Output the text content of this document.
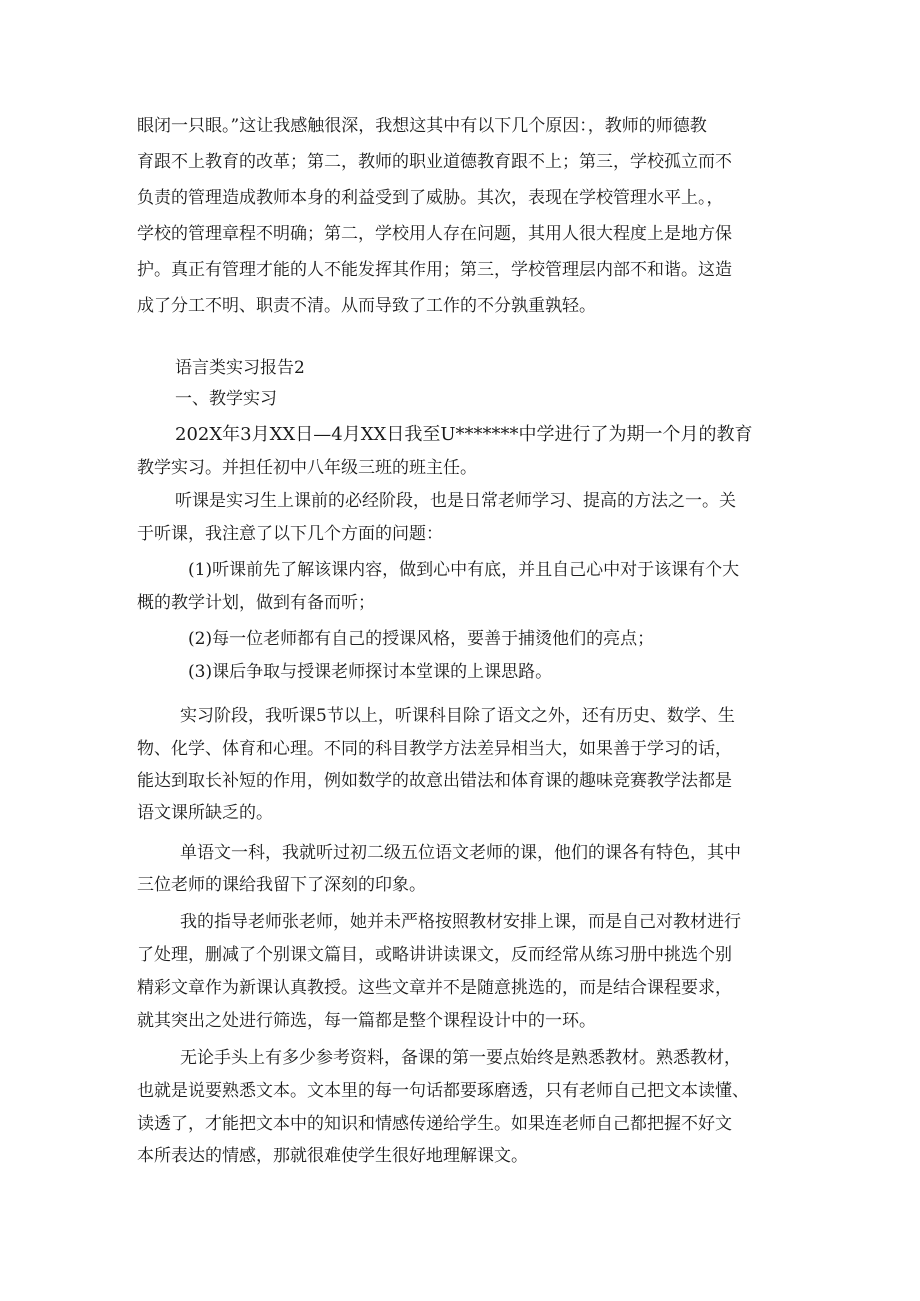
眼闭一只眼。”这让我感触很深，我想这其中有以下几个原因：，教师的师德教
育跟不上教育的改革；第二，教师的职业道德教育跟不上；第三，学校孤立而不
负责的管理造成教师本身的利益受到了威胁。其次，表现在学校管理水平上。，
学校的管理章程不明确；第二，学校用人存在问题，其用人很大程度上是地方保
护。真正有管理才能的人不能发挥其作用；第三，学校管理层内部不和谐。这造
成了分工不明、职责不清。从而导致了工作的不分孰重孰轻。
语言类实习报告2
一、教学实习
202X年3月XX日—4月XX日我至U*******中学进行了为期一个月的教育
教学实习。并担任初中八年级三班的班主任。
听课是实习生上课前的必经阶段，也是日常老师学习、提高的方法之一。关
于听课，我注意了以下几个方面的问题：
(1)听课前先了解该课内容，做到心中有底，并且自己心中对于该课有个大
概的教学计划，做到有备而听；
(2)每一位老师都有自己的授课风格，要善于捕烫他们的亮点；
(3)课后争取与授课老师探讨本堂课的上课思路。
实习阶段，我听课5节以上，听课科目除了语文之外，还有历史、数学、生
物、化学、体育和心理。不同的科目教学方法差异相当大，如果善于学习的话，
能达到取长补短的作用，例如数学的故意出错法和体育课的趣味竞赛教学法都是
语文课所缺乏的。
单语文一科，我就听过初二级五位语文老师的课，他们的课各有特色，其中
三位老师的课给我留下了深刻的印象。
我的指导老师张老师，她并未严格按照教材安排上课，而是自己对教材进行
了处理，删减了个别课文篇目，或略讲讲读课文，反而经常从练习册中挑选个别
精彩文章作为新课认真教授。这些文章并不是随意挑选的，而是结合课程要求，
就其突出之处进行筛选，每一篇都是整个课程设计中的一环。
无论手头上有多少参考资料，备课的第一要点始终是熟悉教材。熟悉教材，
也就是说要熟悉文本。文本里的每一句话都要琢磨透，只有老师自己把文本读懂、
读透了，才能把文本中的知识和情感传递给学生。如果连老师自己都把握不好文
本所表达的情感，那就很难使学生很好地理解课文。
